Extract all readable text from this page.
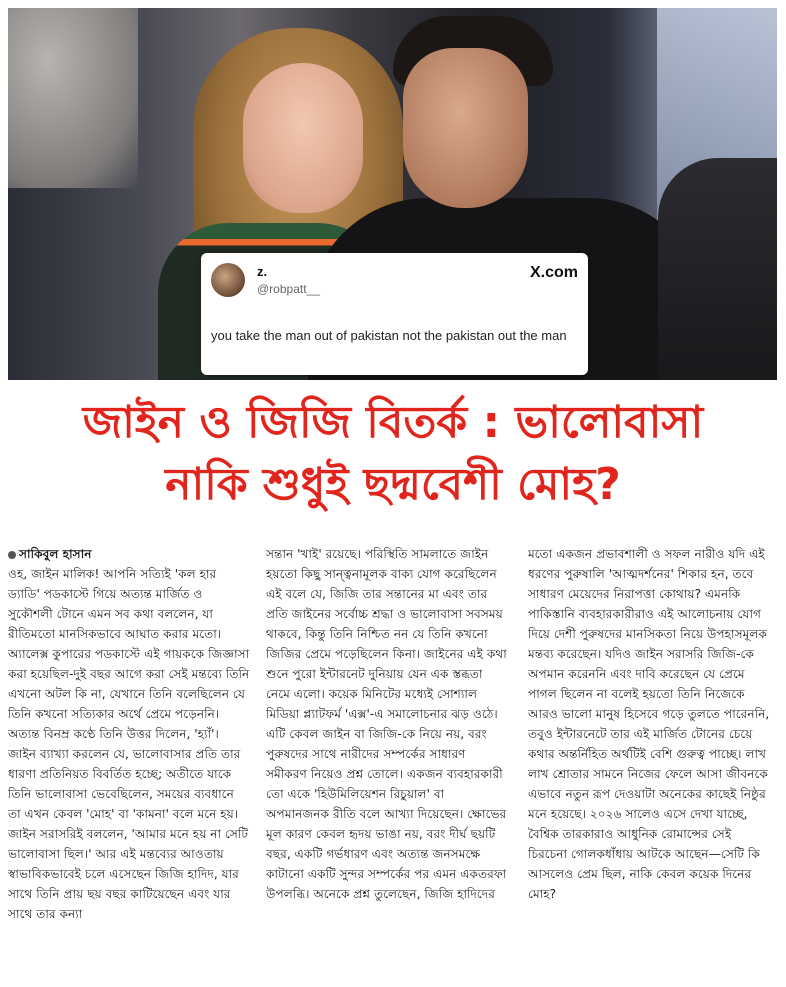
z.
@robpatt__
X.com
you take the man out of pakistan not the pakistan out the man
জাইন ও জিজি বিতর্ক : ভালোবাসা
নাকি শুধুই ছদ্মবেশী মোহ?

সাকিবুল হাসান

ওহ, জাইন মালিক! আপনি সত্যিই 'কল হার ড্যাডি' পডকাস্টে গিয়ে অত্যন্ত মার্জিত ও সুকৌশলী টোনে এমন সব কথা বললেন, যা রীতিমতো মানসিকভাবে আঘাত করার মতো। অ্যালেক্স কুপারের পডকাস্টে এই গায়ককে জিজ্ঞাসা করা হয়েছিল-দুই বছর আগে করা সেই মন্তব্যে তিনি এখনো অটল কি না, যেখানে তিনি বলেছিলেন যে তিনি কখনো সত্যিকার অর্থে প্রেমে পড়েননি। অত্যন্ত বিনম্র কণ্ঠে তিনি উত্তর দিলেন, 'হ্যাঁ'। জাইন ব্যাখ্যা করলেন যে, ভালোবাসার প্রতি তার ধারণা প্রতিনিয়ত বিবর্তিত হচ্ছে; অতীতে যাকে তিনি ভালোবাসা ভেবেছিলেন, সময়ের ব্যবধানে তা এখন কেবল 'মোহ' বা 'কামনা' বলে মনে হয়। জাইন সরাসরিই বললেন, 'আমার মনে হয় না সেটি ভালোবাসা ছিল।' আর এই মন্তব্যের আওতায় স্বাভাবিকভাবেই চলে এসেছেন জিজি হাদিদ, যার সাথে তিনি প্রায় ছয় বছর কাটিয়েছেন এবং যার সাথে তার কন্যা

সন্তান 'খাই' রয়েছে। পরিস্থিতি সামলাতে জাইন হয়তো কিছু সান্ত্বনামূলক বাক্য যোগ করেছিলেন এই বলে যে, জিজি তার সন্তানের মা এবং তার প্রতি জাইনের সর্বোচ্চ শ্রদ্ধা ও ভালোবাসা সবসময় থাকবে, কিন্তু তিনি নিশ্চিত নন যে তিনি কখনো জিজির প্রেমে পড়েছিলেন কিনা। জাইনের এই কথা শুনে পুরো ইন্টারনেট দুনিয়ায় যেন এক স্তব্ধতা নেমে এলো। কয়েক মিনিটের মধ্যেই সোশ্যাল মিডিয়া প্ল্যাটফর্ম 'এক্স'-এ সমালোচনার ঝড় ওঠে। এটি কেবল জাইন বা জিজি-কে নিয়ে নয়, বরং পুরুষদের সাথে নারীদের সম্পর্কের সাধারণ সমীকরণ নিয়েও প্রশ্ন তোলে। একজন ব্যবহারকারী তো একে 'হিউমিলিয়েশন রিচুয়াল' বা অপমানজনক রীতি বলে আখ্যা দিয়েছেন। ক্ষোভের মূল কারণ কেবল হৃদয় ভাঙা নয়, বরং দীর্ঘ ছয়টি বছর, একটি গর্ভধারণ এবং অত্যন্ত জনসমক্ষে কাটানো একটি সুন্দর সম্পর্কের পর এমন একতরফা উপলব্ধি। অনেকে প্রশ্ন তুলেছেন, জিজি হাদিদের

মতো একজন প্রভাবশালী ও সফল নারীও যদি এই ধরণের পুরুষালি 'আত্মদর্শনের' শিকার হন, তবে সাধারণ মেয়েদের নিরাপত্তা কোথায়? এমনকি পাকিস্তানি ব্যবহারকারীরাও এই আলোচনায় যোগ দিয়ে দেশী পুরুষদের মানসিকতা নিয়ে উপহাসমূলক মন্তব্য করেছেন। যদিও জাইন সরাসরি জিজি-কে অপমান করেননি এবং দাবি করেছেন যে প্রেমে পাগল ছিলেন না বলেই হয়তো তিনি নিজেকে আরও ভালো মানুষ হিসেবে গড়ে তুলতে পারেননি, তবুও ইন্টারনেটে তার এই মার্জিত টোনের চেয়ে কথার অন্তর্নিহিত অর্থটিই বেশি গুরুত্ব পাচ্ছে। লাখ লাখ শ্রোতার সামনে নিজের ফেলে আসা জীবনকে এভাবে নতুন রূপ দেওয়াটা অনেকের কাছেই নিষ্ঠুর মনে হয়েছে। ২০২৬ সালেও এসে দেখা যাচ্ছে, বৈশ্বিক তারকারাও আধুনিক রোমান্সের সেই চিরচেনা গোলকধাঁধায় আটকে আছেন—সেটি কি আসলেও প্রেম ছিল, নাকি কেবল কয়েক দিনের মোহ?
